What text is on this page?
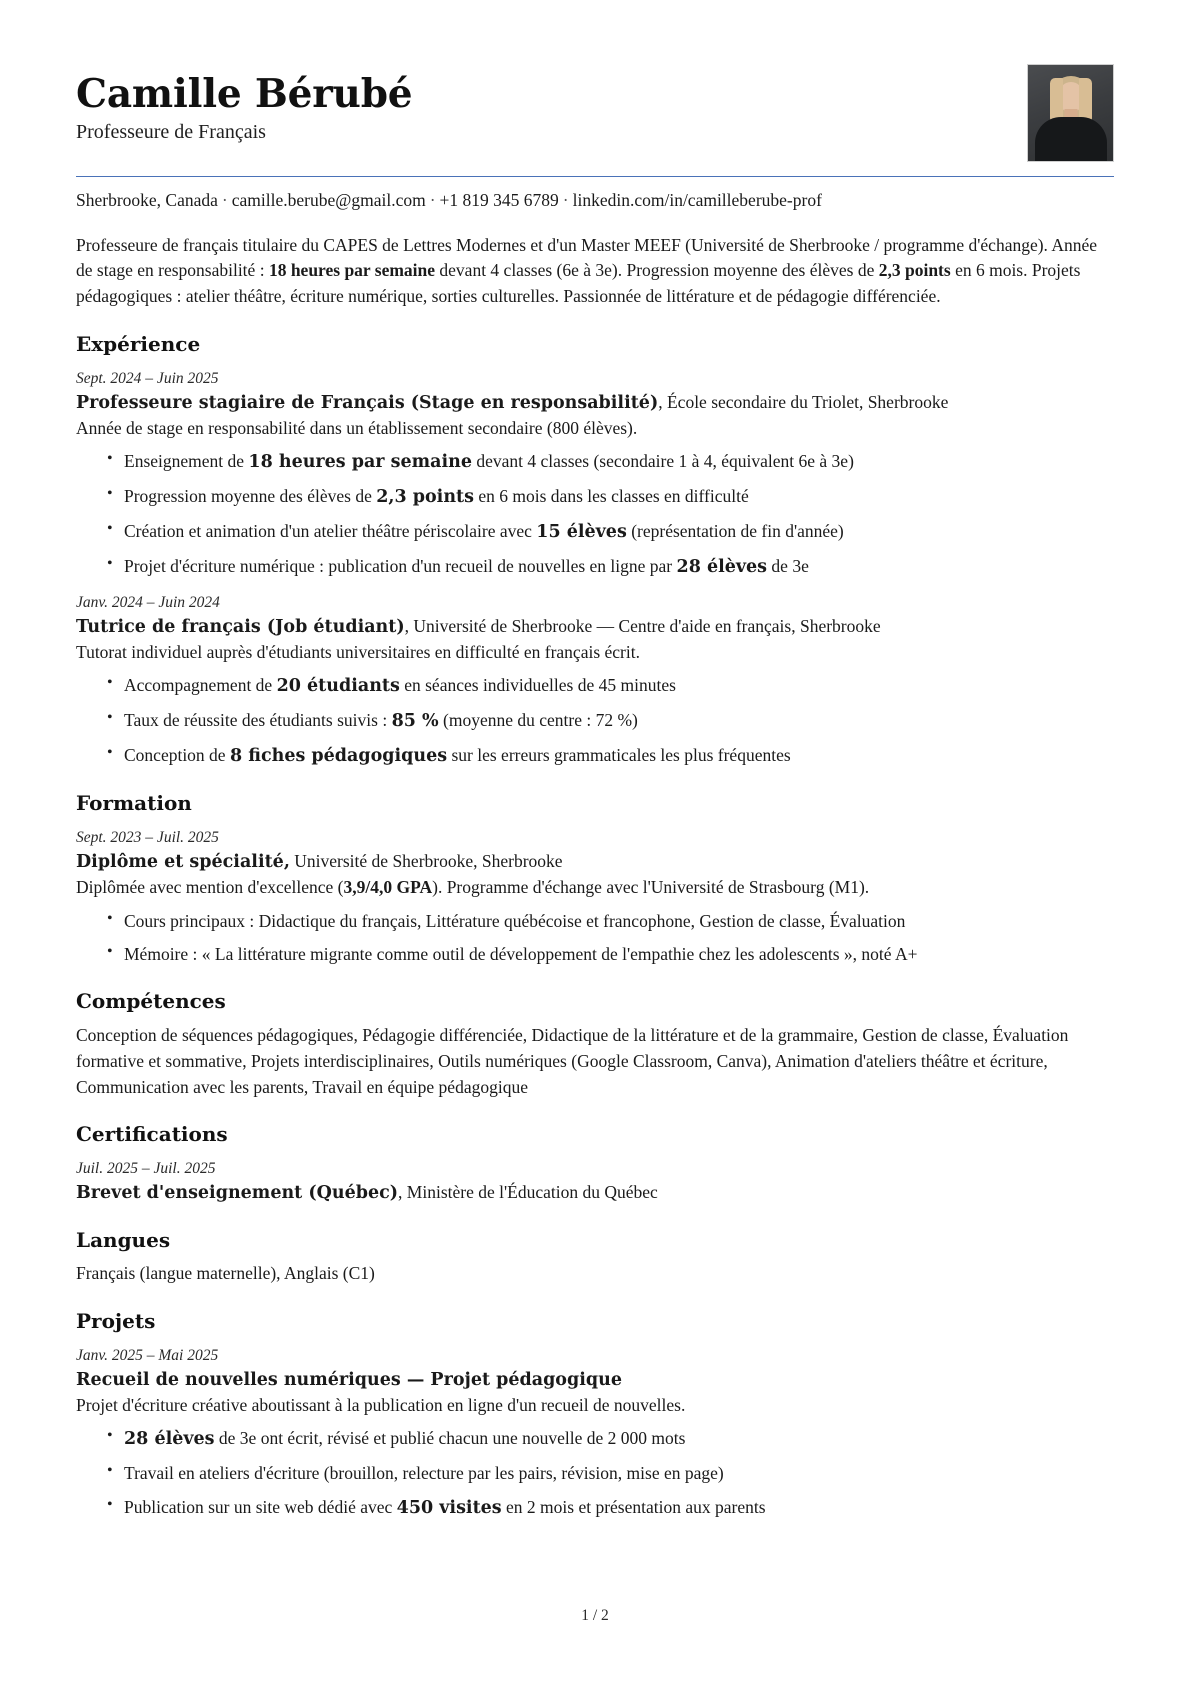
Camille Bérubé
Professeure de Français
Sherbrooke, Canada · camille.berube@gmail.com · +1 819 345 6789 · linkedin.com/in/camilleberube-prof
Professeure de français titulaire du CAPES de Lettres Modernes et d'un Master MEEF (Université de Sherbrooke / programme d'échange). Année de stage en responsabilité : 18 heures par semaine devant 4 classes (6e à 3e). Progression moyenne des élèves de 2,3 points en 6 mois. Projets pédagogiques : atelier théâtre, écriture numérique, sorties culturelles. Passionnée de littérature et de pédagogie différenciée.
Expérience
Sept. 2024 – Juin 2025
Professeure stagiaire de Français (Stage en responsabilité), École secondaire du Triolet, Sherbrooke
Année de stage en responsabilité dans un établissement secondaire (800 élèves).
• Enseignement de 18 heures par semaine devant 4 classes (secondaire 1 à 4, équivalent 6e à 3e)
• Progression moyenne des élèves de 2,3 points en 6 mois dans les classes en difficulté
• Création et animation d'un atelier théâtre périscolaire avec 15 élèves (représentation de fin d'année)
• Projet d'écriture numérique : publication d'un recueil de nouvelles en ligne par 28 élèves de 3e
Janv. 2024 – Juin 2024
Tutrice de français (Job étudiant), Université de Sherbrooke — Centre d'aide en français, Sherbrooke
Tutorat individuel auprès d'étudiants universitaires en difficulté en français écrit.
• Accompagnement de 20 étudiants en séances individuelles de 45 minutes
• Taux de réussite des étudiants suivis : 85 % (moyenne du centre : 72 %)
• Conception de 8 fiches pédagogiques sur les erreurs grammaticales les plus fréquentes
Formation
Sept. 2023 – Juil. 2025
Diplôme et spécialité, Université de Sherbrooke, Sherbrooke
Diplômée avec mention d'excellence (3,9/4,0 GPA). Programme d'échange avec l'Université de Strasbourg (M1).
• Cours principaux : Didactique du français, Littérature québécoise et francophone, Gestion de classe, Évaluation
• Mémoire : « La littérature migrante comme outil de développement de l'empathie chez les adolescents », noté A+
Compétences
Conception de séquences pédagogiques, Pédagogie différenciée, Didactique de la littérature et de la grammaire, Gestion de classe, Évaluation formative et sommative, Projets interdisciplinaires, Outils numériques (Google Classroom, Canva), Animation d'ateliers théâtre et écriture, Communication avec les parents, Travail en équipe pédagogique
Certifications
Juil. 2025 – Juil. 2025
Brevet d'enseignement (Québec), Ministère de l'Éducation du Québec
Langues
Français (langue maternelle), Anglais (C1)
Projets
Janv. 2025 – Mai 2025
Recueil de nouvelles numériques — Projet pédagogique
Projet d'écriture créative aboutissant à la publication en ligne d'un recueil de nouvelles.
• 28 élèves de 3e ont écrit, révisé et publié chacun une nouvelle de 2 000 mots
• Travail en ateliers d'écriture (brouillon, relecture par les pairs, révision, mise en page)
• Publication sur un site web dédié avec 450 visites en 2 mois et présentation aux parents
1 / 2
